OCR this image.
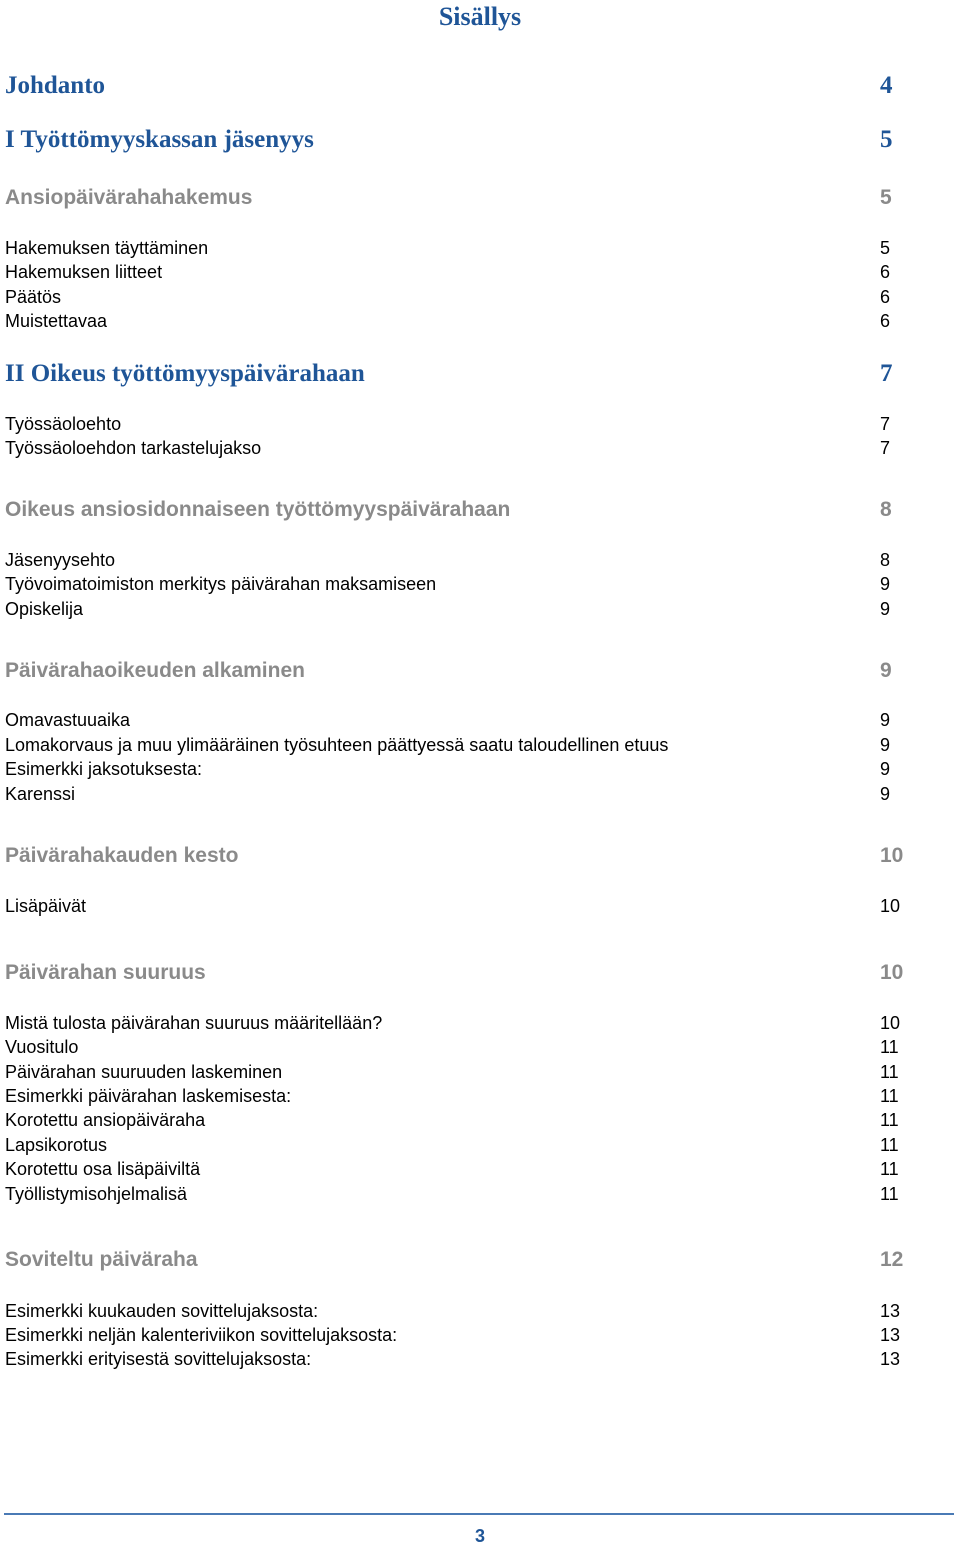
Sisällys
Johdanto	4
I Työttömyyskassan jäsenyys	5
Ansiopäivärahahakemus	5
Hakemuksen täyttäminen	5
Hakemuksen liitteet	6
Päätös	6
Muistettavaa	6
II Oikeus työttömyyspäivärahaan	7
Työssäoloehto	7
Työssäoloehdon tarkastelujakso	7
Oikeus ansiosidonnaiseen työttömyyspäivärahaan	8
Jäsenyysehto	8
Työvoimatoimiston merkitys päivärahan maksamiseen	9
Opiskelija	9
Päivärahaoikeuden alkaminen	9
Omavastuuaika	9
Lomakorvaus ja muu ylimääräinen työsuhteen päättyessä saatu taloudellinen etuus	9
Esimerkki jaksotuksesta:	9
Karenssi	9
Päivärahakauden kesto	10
Lisäpäivät	10
Päivärahan suuruus	10
Mistä tulosta päivärahan suuruus määritellään?	10
Vuositulo	11
Päivärahan suuruuden laskeminen	11
Esimerkki päivärahan laskemisesta:	11
Korotettu ansiopäiväraha	11
Lapsikorotus	11
Korotettu osa lisäpäiviltä	11
Työllistymisohjelmalisä	11
Soviteltu päiväraha	12
Esimerkki kuukauden sovittelujaksosta:	13
Esimerkki neljän kalenteriviikon sovittelujaksosta:	13
Esimerkki erityisestä sovittelujaksosta:	13
3
